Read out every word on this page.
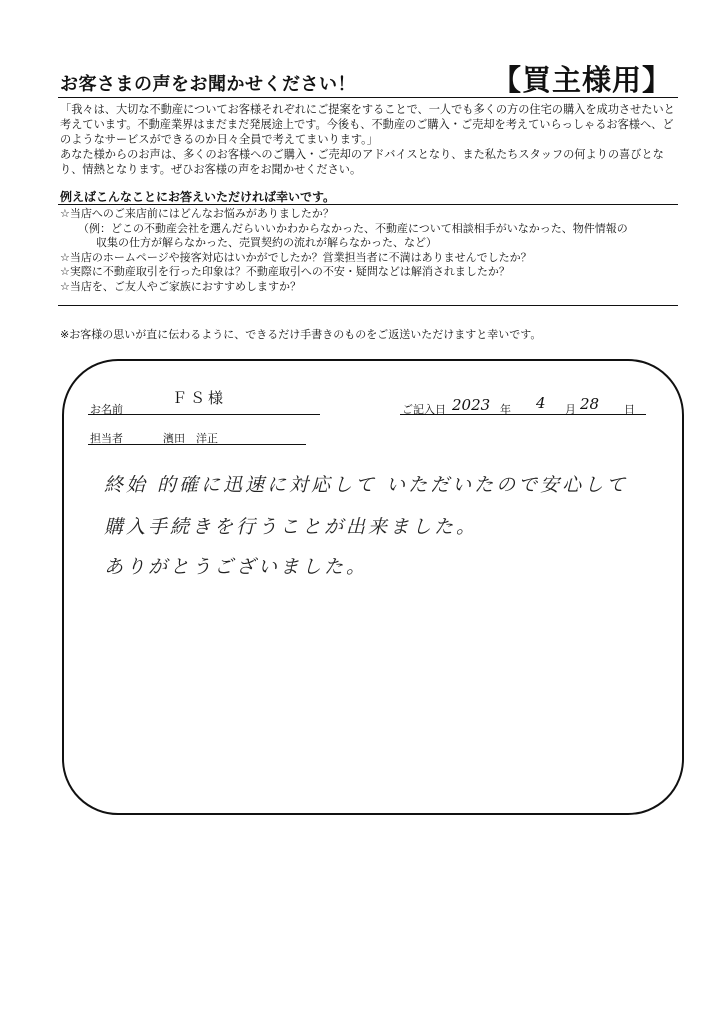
お客さまの声をお聞かせください！	【買主様用】

「我々は、大切な不動産についてお客様それぞれにご提案をすることで、一人でも多くの方の住宅の購入を成功させたいと考えています。不動産業界はまだまだ発展途上です。今後も、不動産のご購入・ご売却を考えていらっしゃるお客様へ、どのようなサービスができるのか日々全員で考えてまいります。」

あなた様からのお声は、多くのお客様へのご購入・ご売却のアドバイスとなり、また私たちスタッフの何よりの喜びとなり、情熱となります。ぜひお客様の声をお聞かせください。

例えばこんなことにお答えいただければ幸いです。
☆当店へのご来店前にはどんなお悩みがありましたか？
（例：どこの不動産会社を選んだらいいかわからなかった、不動産について相談相手がいなかった、物件情報の
収集の仕方が解らなかった、売買契約の流れが解らなかった、など）
☆当店のホームページや接客対応はいかがでしたか？営業担当者に不満はありませんでしたか？
☆実際に不動産取引を行った印象は？不動産取引への不安・疑問などは解消されましたか？
☆当店を、ご友人やご家族におすすめしますか？
※お客様の思いが直に伝わるように、できるだけ手書きのものをご返送いただけますと幸いです。
お名前
ＦＳ様
ご記入日 2023 年 4 月 28 日
担当者	濱田　洋正
終始 的確に迅速に対応して いただいたので安心して
購入手続きを行うことが出来ました。
ありがとうございました。
